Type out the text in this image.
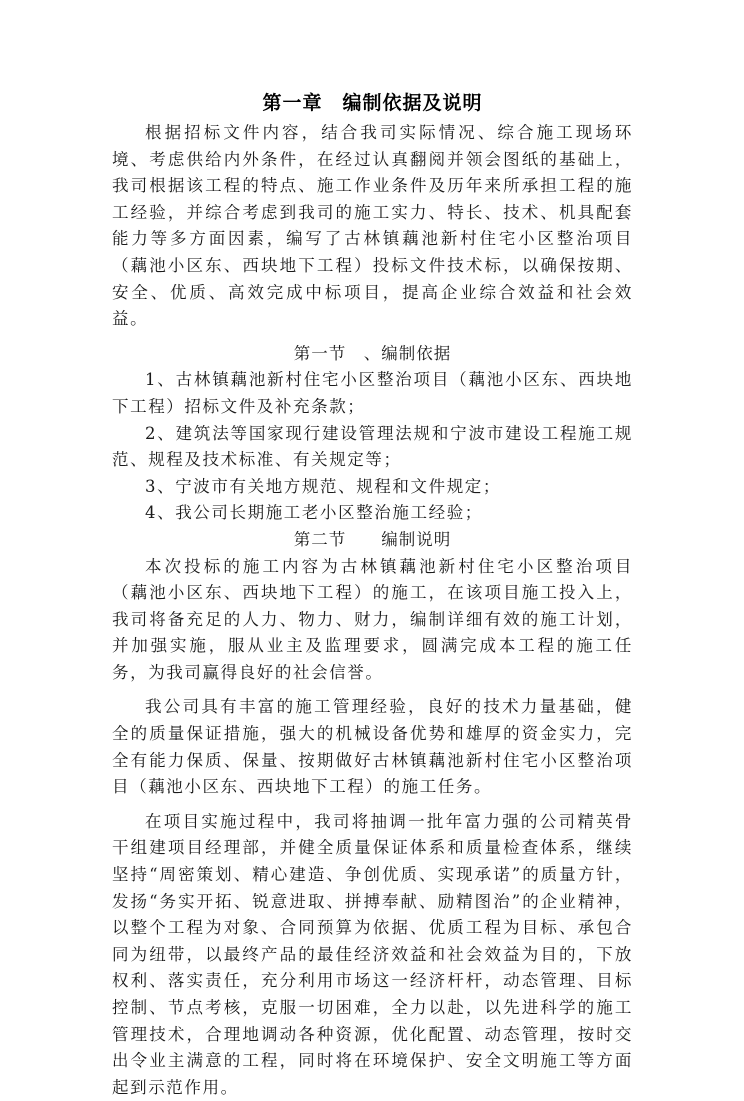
第一章　编制依据及说明

根据招标文件内容，结合我司实际情况、综合施工现场环境、考虑供给内外条件，在经过认真翻阅并领会图纸的基础上，我司根据该工程的特点、施工作业条件及历年来所承担工程的施工经验，并综合考虑到我司的施工实力、特长、技术、机具配套能力等多方面因素，编写了古林镇藕池新村住宅小区整治项目（藕池小区东、西块地下工程）投标文件技术标，以确保按期、安全、优质、高效完成中标项目，提高企业综合效益和社会效益。

第一节　、编制依据

1、古林镇藕池新村住宅小区整治项目（藕池小区东、西块地下工程）招标文件及补充条款；

2、建筑法等国家现行建设管理法规和宁波市建设工程施工规范、规程及技术标准、有关规定等；

3、宁波市有关地方规范、规程和文件规定；

4、我公司长期施工老小区整治施工经验；

第二节　　编制说明

本次投标的施工内容为古林镇藕池新村住宅小区整治项目（藕池小区东、西块地下工程）的施工，在该项目施工投入上，我司将备充足的人力、物力、财力，编制详细有效的施工计划，并加强实施，服从业主及监理要求，圆满完成本工程的施工任务，为我司赢得良好的社会信誉。

我公司具有丰富的施工管理经验，良好的技术力量基础，健全的质量保证措施，强大的机械设备优势和雄厚的资金实力，完全有能力保质、保量、按期做好古林镇藕池新村住宅小区整治项目（藕池小区东、西块地下工程）的施工任务。

在项目实施过程中，我司将抽调一批年富力强的公司精英骨干组建项目经理部，并健全质量保证体系和质量检查体系，继续坚持“周密策划、精心建造、争创优质、实现承诺”的质量方针，发扬“务实开拓、锐意进取、拼搏奉献、励精图治”的企业精神，以整个工程为对象、合同预算为依据、优质工程为目标、承包合同为纽带，以最终产品的最佳经济效益和社会效益为目的，下放权利、落实责任，充分利用市场这一经济杆杆，动态管理、目标控制、节点考核，克服一切困难，全力以赴，以先进科学的施工管理技术，合理地调动各种资源，优化配置、动态管理，按时交出令业主满意的工程，同时将在环境保护、安全文明施工等方面起到示范作用。
